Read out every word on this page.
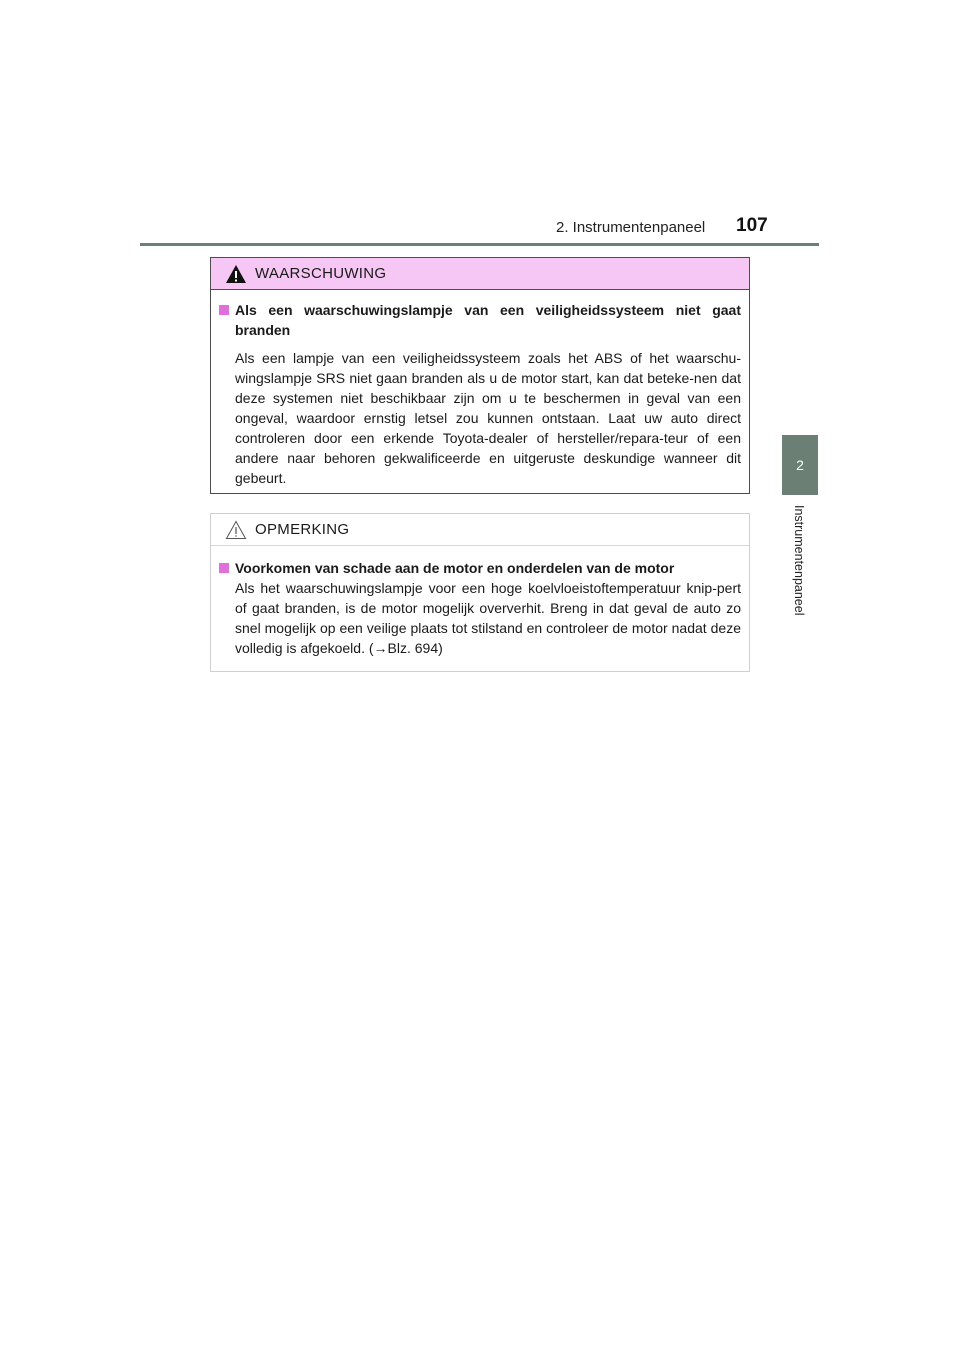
2. Instrumentenpaneel 107
2
Instrumentenpaneel
WAARSCHUWING
Als een waarschuwingslampje van een veiligheidssysteem niet gaat branden

Als een lampje van een veiligheidssysteem zoals het ABS of het waarschu-wingslampje SRS niet gaan branden als u de motor start, kan dat beteke-nen dat deze systemen niet beschikbaar zijn om u te beschermen in geval van een ongeval, waardoor ernstig letsel zou kunnen ontstaan. Laat uw auto direct controleren door een erkende Toyota-dealer of hersteller/repara-teur of een andere naar behoren gekwalificeerde en uitgeruste deskundige wanneer dit gebeurt.

OPMERKING
Voorkomen van schade aan de motor en onderdelen van de motor

Als het waarschuwingslampje voor een hoge koelvloeistoftemperatuur knip-pert of gaat branden, is de motor mogelijk oververhit. Breng in dat geval de auto zo snel mogelijk op een veilige plaats tot stilstand en controleer de motor nadat deze volledig is afgekoeld. (→Blz. 694)
